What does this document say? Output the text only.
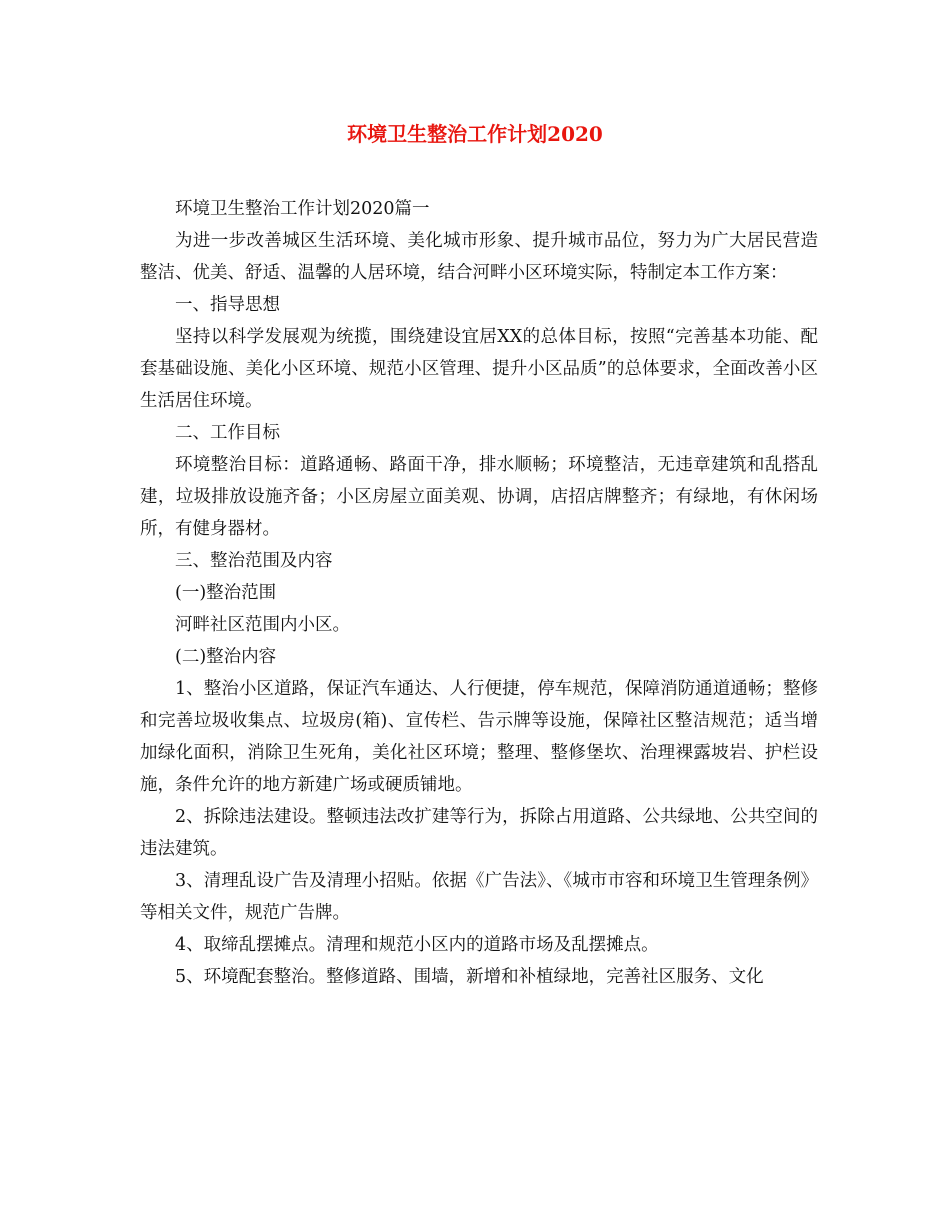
环境卫生整治工作计划2020

环境卫生整治工作计划2020篇一

为进一步改善城区生活环境、美化城市形象、提升城市品位，努力为广大居民营造整洁、优美、舒适、温馨的人居环境，结合河畔小区环境实际，特制定本工作方案：

一、指导思想

坚持以科学发展观为统揽，围绕建设宜居XX的总体目标，按照“完善基本功能、配套基础设施、美化小区环境、规范小区管理、提升小区品质”的总体要求，全面改善小区生活居住环境。

二、工作目标

环境整治目标：道路通畅、路面干净，排水顺畅；环境整洁，无违章建筑和乱搭乱建，垃圾排放设施齐备；小区房屋立面美观、协调，店招店牌整齐；有绿地，有休闲场所，有健身器材。

三、整治范围及内容

(一)整治范围

河畔社区范围内小区。

(二)整治内容

1、整治小区道路，保证汽车通达、人行便捷，停车规范，保障消防通道通畅；整修和完善垃圾收集点、垃圾房(箱)、宣传栏、告示牌等设施，保障社区整洁规范；适当增加绿化面积，消除卫生死角，美化社区环境；整理、整修堡坎、治理裸露坡岩、护栏设施，条件允许的地方新建广场或硬质铺地。

2、拆除违法建设。整顿违法改扩建等行为，拆除占用道路、公共绿地、公共空间的违法建筑。

3、清理乱设广告及清理小招贴。依据《广告法》、《城市市容和环境卫生管理条例》等相关文件，规范广告牌。

4、取缔乱摆摊点。清理和规范小区内的道路市场及乱摆摊点。

5、环境配套整治。整修道路、围墙，新增和补植绿地，完善社区服务、文化
